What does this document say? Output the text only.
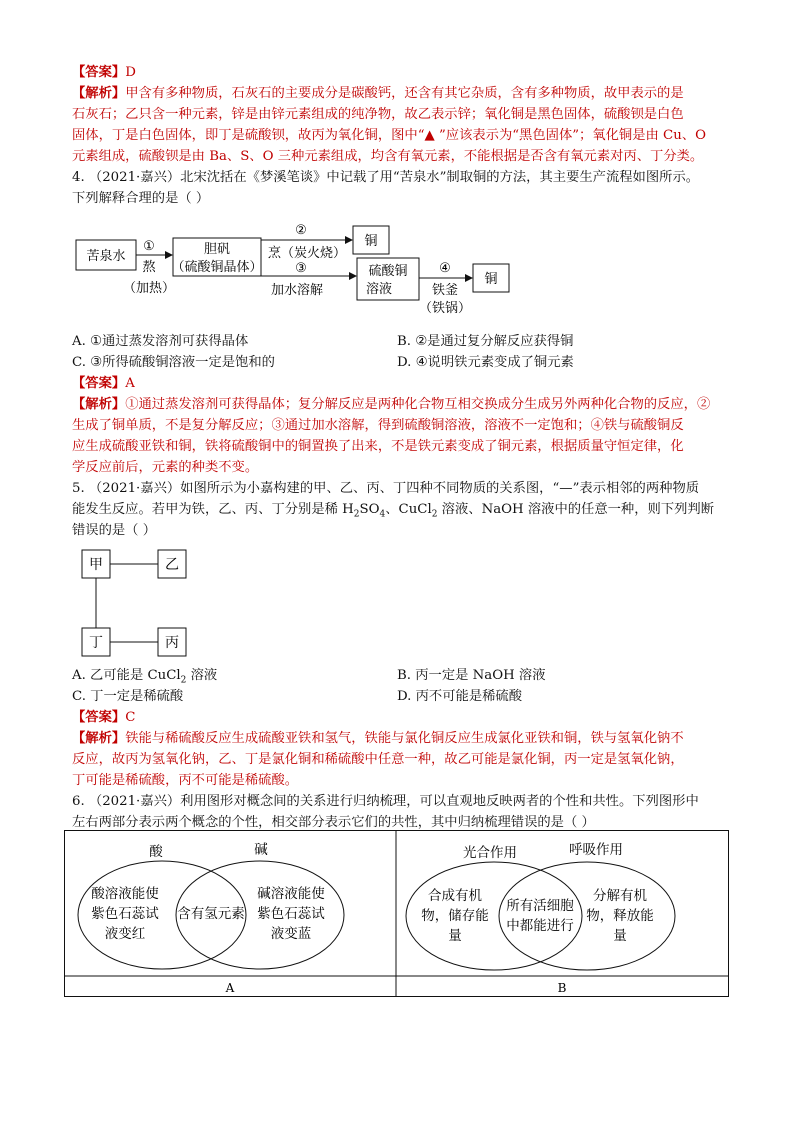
【答案】D
【解析】甲含有多种物质，石灰石的主要成分是碳酸钙，还含有其它杂质，含有多种物质，故甲表示的是
石灰石；乙只含一种元素，锌是由锌元素组成的纯净物，故乙表示锌；氧化铜是黑色固体，硫酸钡是白色
固体，丁是白色固体，即丁是硫酸钡，故丙为氧化铜，图中“▲ ”应该表示为“黑色固体”；氧化铜是由 Cu、O
元素组成，硫酸钡是由 Ba、S、O 三种元素组成，均含有氧元素，不能根据是否含有氧元素对丙、丁分类。
4. （2021·嘉兴）北宋沈括在《梦溪笔谈》中记载了用“苦泉水”制取铜的方法，其主要生产流程如图所示。
下列解释合理的是（ ）
苦泉水
①
熬
（加热）
胆矾
（硫酸铜晶体）
②
烹（炭火烧）
铜
③
加水溶解
硫酸铜
溶液
④
铁釜
（铁锅）
铜
A. ①通过蒸发溶剂可获得晶体	B. ②是通过复分解反应获得铜
C. ③所得硫酸铜溶液一定是饱和的	D. ④说明铁元素变成了铜元素
【答案】A
【解析】①通过蒸发溶剂可获得晶体；复分解反应是两种化合物互相交换成分生成另外两种化合物的反应，②
生成了铜单质，不是复分解反应；③通过加水溶解，得到硫酸铜溶液，溶液不一定饱和；④铁与硫酸铜反
应生成硫酸亚铁和铜，铁将硫酸铜中的铜置换了出来，不是铁元素变成了铜元素，根据质量守恒定律，化
学反应前后，元素的种类不变。
5. （2021·嘉兴）如图所示为小嘉构建的甲、乙、丙、丁四种不同物质的关系图，“—”表示相邻的两种物质
能发生反应。若甲为铁，乙、丙、丁分别是稀 $H_2SO_4$、CuCl$_2$ 溶液、NaOH 溶液中的任意一种，则下列判断
错误的是（ ）
甲	乙
丁	丙
A. 乙可能是 CuCl$_2$ 溶液	B. 丙一定是 NaOH 溶液
C. 丁一定是稀硫酸	D. 丙不可能是稀硫酸
【答案】C
【解析】铁能与稀硫酸反应生成硫酸亚铁和氢气，铁能与氯化铜反应生成氯化亚铁和铜，铁与氢氧化钠不
反应，故丙为氢氧化钠，乙、丁是氯化铜和稀硫酸中任意一种，故乙可能是氯化铜，丙一定是氢氧化钠，
丁可能是稀硫酸，丙不可能是稀硫酸。
6. （2021·嘉兴）利用图形对概念间的关系进行归纳梳理，可以直观地反映两者的个性和共性。下列图形中
左右两部分表示两个概念的个性，相交部分表示它们的共性，其中归纳梳理错误的是（ ）
酸	碱
酸溶液能使
紫色石蕊试
液变红
含有氢元素
碱溶液能使
紫色石蕊试
液变蓝
A
光合作用	呼吸作用
合成有机
物，储存能
量
所有活细胞
中都能进行
分解有机
物，释放能
量
B
